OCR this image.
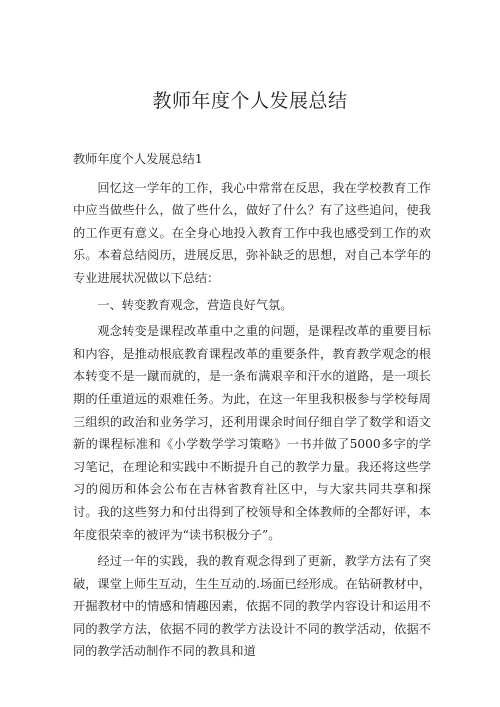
教师年度个人发展总结

教师年度个人发展总结1

回忆这一学年的工作，我心中常常在反思，我在学校教育工作中应当做些什么，做了些什么，做好了什么？有了这些追问，使我的工作更有意义。在全身心地投入教育工作中我也感受到工作的欢乐。本着总结阅历，进展反思，弥补缺乏的思想，对自己本学年的专业进展状况做以下总结：

一、转变教育观念，营造良好气氛。

观念转变是课程改革重中之重的问题，是课程改革的重要目标和内容，是推动根底教育课程改革的重要条件，教育教学观念的根本转变不是一蹴而就的，是一条布满艰辛和汗水的道路，是一项长期的任重道远的艰难任务。为此，在这一年里我积极参与学校每周三组织的政治和业务学习，还利用课余时间仔细自学了数学和语文新的课程标准和《小学数学学习策略》一书并做了5000多字的学习笔记，在理论和实践中不断提升自己的教学力量。我还将这些学习的阅历和体会公布在吉林省教育社区中，与大家共同共享和探讨。我的这些努力和付出得到了校领导和全体教师的全都好评，本年度很荣幸的被评为“读书积极分子”。

经过一年的实践，我的教育观念得到了更新，教学方法有了突破，课堂上师生互动，生生互动的.场面已经形成。在钻研教材中，开掘教材中的情感和情趣因素，依据不同的教学内容设计和运用不同的教学方法，依据不同的教学方法设计不同的教学活动，依据不同的教学活动制作不同的教具和道
